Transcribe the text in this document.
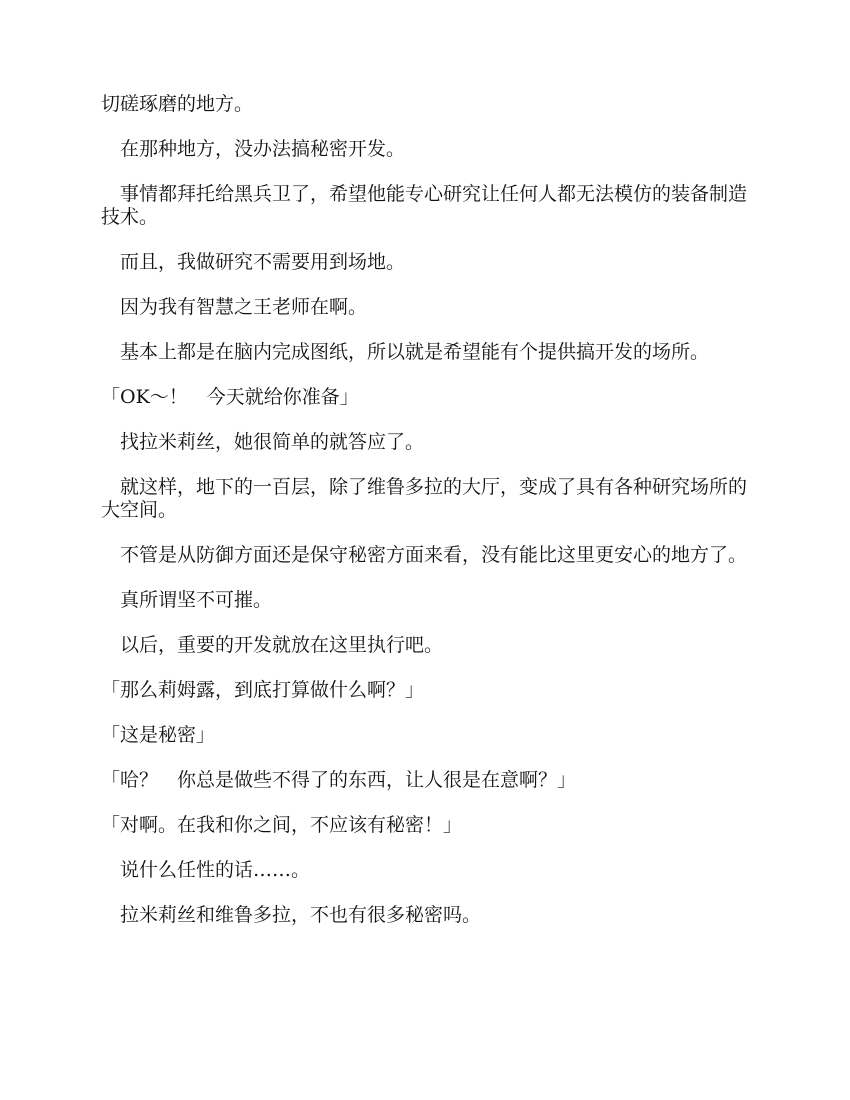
切磋琢磨的地方。

　在那种地方，没办法搞秘密开发。

　事情都拜托给黑兵卫了，希望他能专心研究让任何人都无法模仿的装备制造技术。

　而且，我做研究不需要用到场地。

　因为我有智慧之王老师在啊。

　基本上都是在脑内完成图纸，所以就是希望能有个提供搞开发的场所。

「OK～！　今天就给你准备」

　找拉米莉丝，她很简单的就答应了。

　就这样，地下的一百层，除了维鲁多拉的大厅，变成了具有各种研究场所的大空间。

　不管是从防御方面还是保守秘密方面来看，没有能比这里更安心的地方了。

　真所谓坚不可摧。

　以后，重要的开发就放在这里执行吧。

「那么莉姆露，到底打算做什么啊？」

「这是秘密」

「哈？　你总是做些不得了的东西，让人很是在意啊？」

「对啊。在我和你之间，不应该有秘密！」

　说什么任性的话……。

　拉米莉丝和维鲁多拉，不也有很多秘密吗。
